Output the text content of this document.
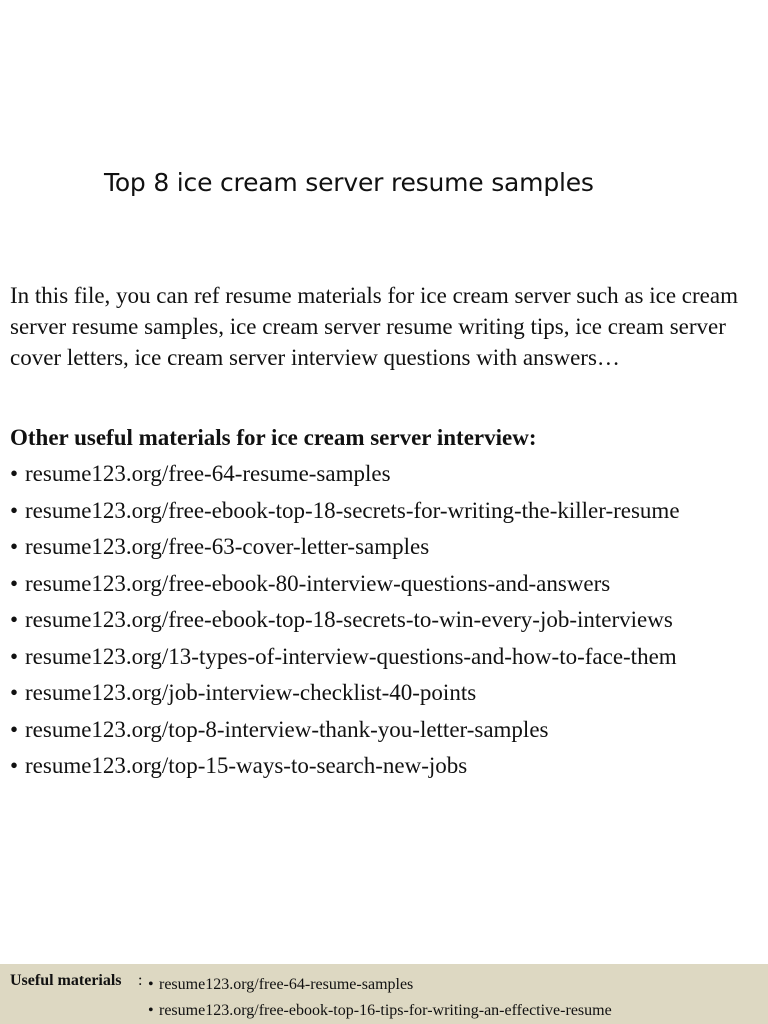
Top 8 ice cream server resume samples

In this file, you can ref resume materials for ice cream server such as ice cream server resume samples, ice cream server resume writing tips, ice cream server cover letters, ice cream server interview questions with answers…

Other useful materials for ice cream server interview:

• resume123.org/free-64-resume-samples
• resume123.org/free-ebook-top-18-secrets-for-writing-the-killer-resume
• resume123.org/free-63-cover-letter-samples
• resume123.org/free-ebook-80-interview-questions-and-answers
• resume123.org/free-ebook-top-18-secrets-to-win-every-job-interviews
• resume123.org/13-types-of-interview-questions-and-how-to-face-them
• resume123.org/job-interview-checklist-40-points
• resume123.org/top-8-interview-thank-you-letter-samples
• resume123.org/top-15-ways-to-search-new-jobs
Useful materials : • resume123.org/free-64-resume-samples
• resume123.org/free-ebook-top-16-tips-for-writing-an-effective-resume
